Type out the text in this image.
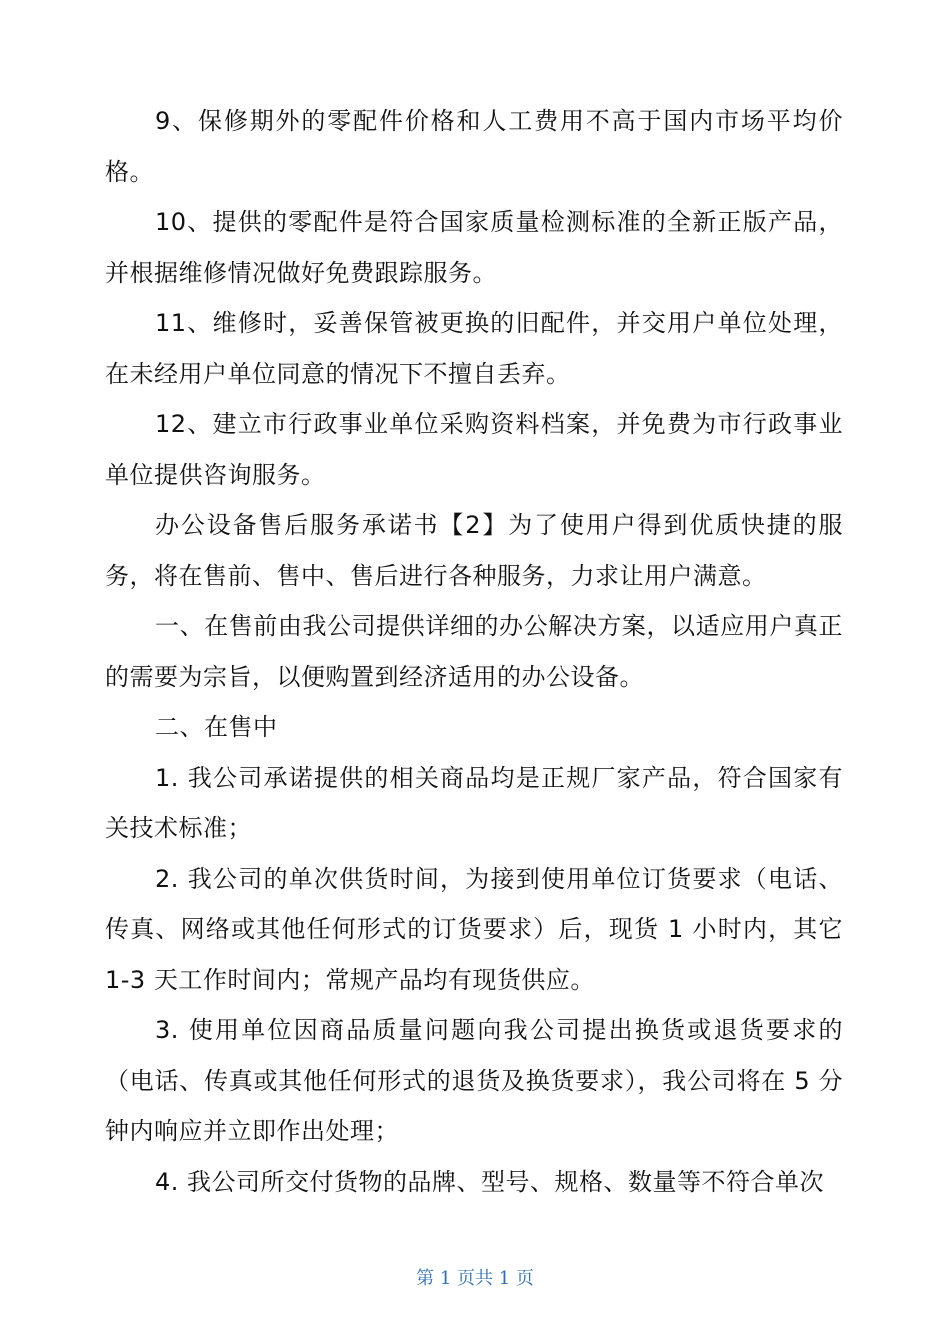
9、保修期外的零配件价格和人工费用不高于国内市场平均价格。

10、提供的零配件是符合国家质量检测标准的全新正版产品，并根据维修情况做好免费跟踪服务。

11、维修时，妥善保管被更换的旧配件，并交用户单位处理，在未经用户单位同意的情况下不擅自丢弃。

12、建立市行政事业单位采购资料档案，并免费为市行政事业单位提供咨询服务。

办公设备售后服务承诺书【2】为了使用户得到优质快捷的服务，将在售前、售中、售后进行各种服务，力求让用户满意。

一、在售前由我公司提供详细的办公解决方案，以适应用户真正的需要为宗旨，以便购置到经济适用的办公设备。

二、在售中

1. 我公司承诺提供的相关商品均是正规厂家产品，符合国家有关技术标准；

2. 我公司的单次供货时间，为接到使用单位订货要求（电话、传真、网络或其他任何形式的订货要求）后，现货 1 小时内，其它 1-3 天工作时间内；常规产品均有现货供应。

3. 使用单位因商品质量问题向我公司提出换货或退货要求的（电话、传真或其他任何形式的退货及换货要求），我公司将在 5 分钟内响应并立即作出处理；

4. 我公司所交付货物的品牌、型号、规格、数量等不符合单次

第 1 页共 1 页
